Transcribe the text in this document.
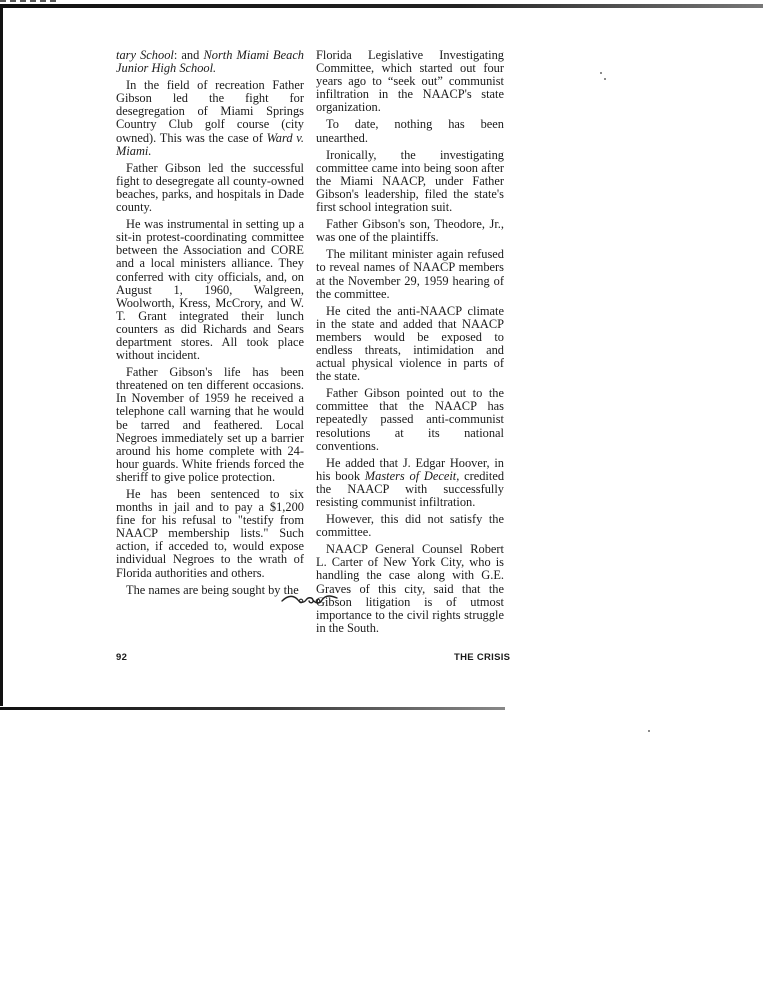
tary School: and North Miami Beach Junior High School.

In the field of recreation Father Gibson led the fight for desegregation of Miami Springs Country Club golf course (city owned). This was the case of Ward v. Miami.

Father Gibson led the successful fight to desegregate all county-owned beaches, parks, and hospitals in Dade county.

He was instrumental in setting up a sit-in protest-coordinating committee between the Association and CORE and a local ministers alliance. They conferred with city officials, and, on August 1, 1960, Walgreen, Woolworth, Kress, McCrory, and W. T. Grant integrated their lunch counters as did Richards and Sears department stores. All took place without incident.

Father Gibson's life has been threatened on ten different occasions. In November of 1959 he received a telephone call warning that he would be tarred and feathered. Local Negroes immediately set up a barrier around his home complete with 24-hour guards. White friends forced the sheriff to give police protection.

He has been sentenced to six months in jail and to pay a $1,200 fine for his refusal to "testify from NAACP membership lists." Such action, if acceded to, would expose individual Negroes to the wrath of Florida authorities and others.

The names are being sought by the

Florida Legislative Investigating Committee, which started out four years ago to “seek out” communist infiltration in the NAACP's state organization.

To date, nothing has been unearthed.

Ironically, the investigating committee came into being soon after the Miami NAACP, under Father Gibson's leadership, filed the state's first school integration suit.

Father Gibson's son, Theodore, Jr., was one of the plaintiffs.

The militant minister again refused to reveal names of NAACP members at the November 29, 1959 hearing of the committee.

He cited the anti-NAACP climate in the state and added that NAACP members would be exposed to endless threats, intimidation and actual physical violence in parts of the state.

Father Gibson pointed out to the committee that the NAACP has repeatedly passed anti-communist resolutions at its national conventions.

He added that J. Edgar Hoover, in his book Masters of Deceit, credited the NAACP with successfully resisting communist infiltration.

However, this did not satisfy the committee.

NAACP General Counsel Robert L. Carter of New York City, who is handling the case along with G.E. Graves of this city, said that the Gibson litigation is of utmost importance to the civil rights struggle in the South.

92	THE CRISIS
